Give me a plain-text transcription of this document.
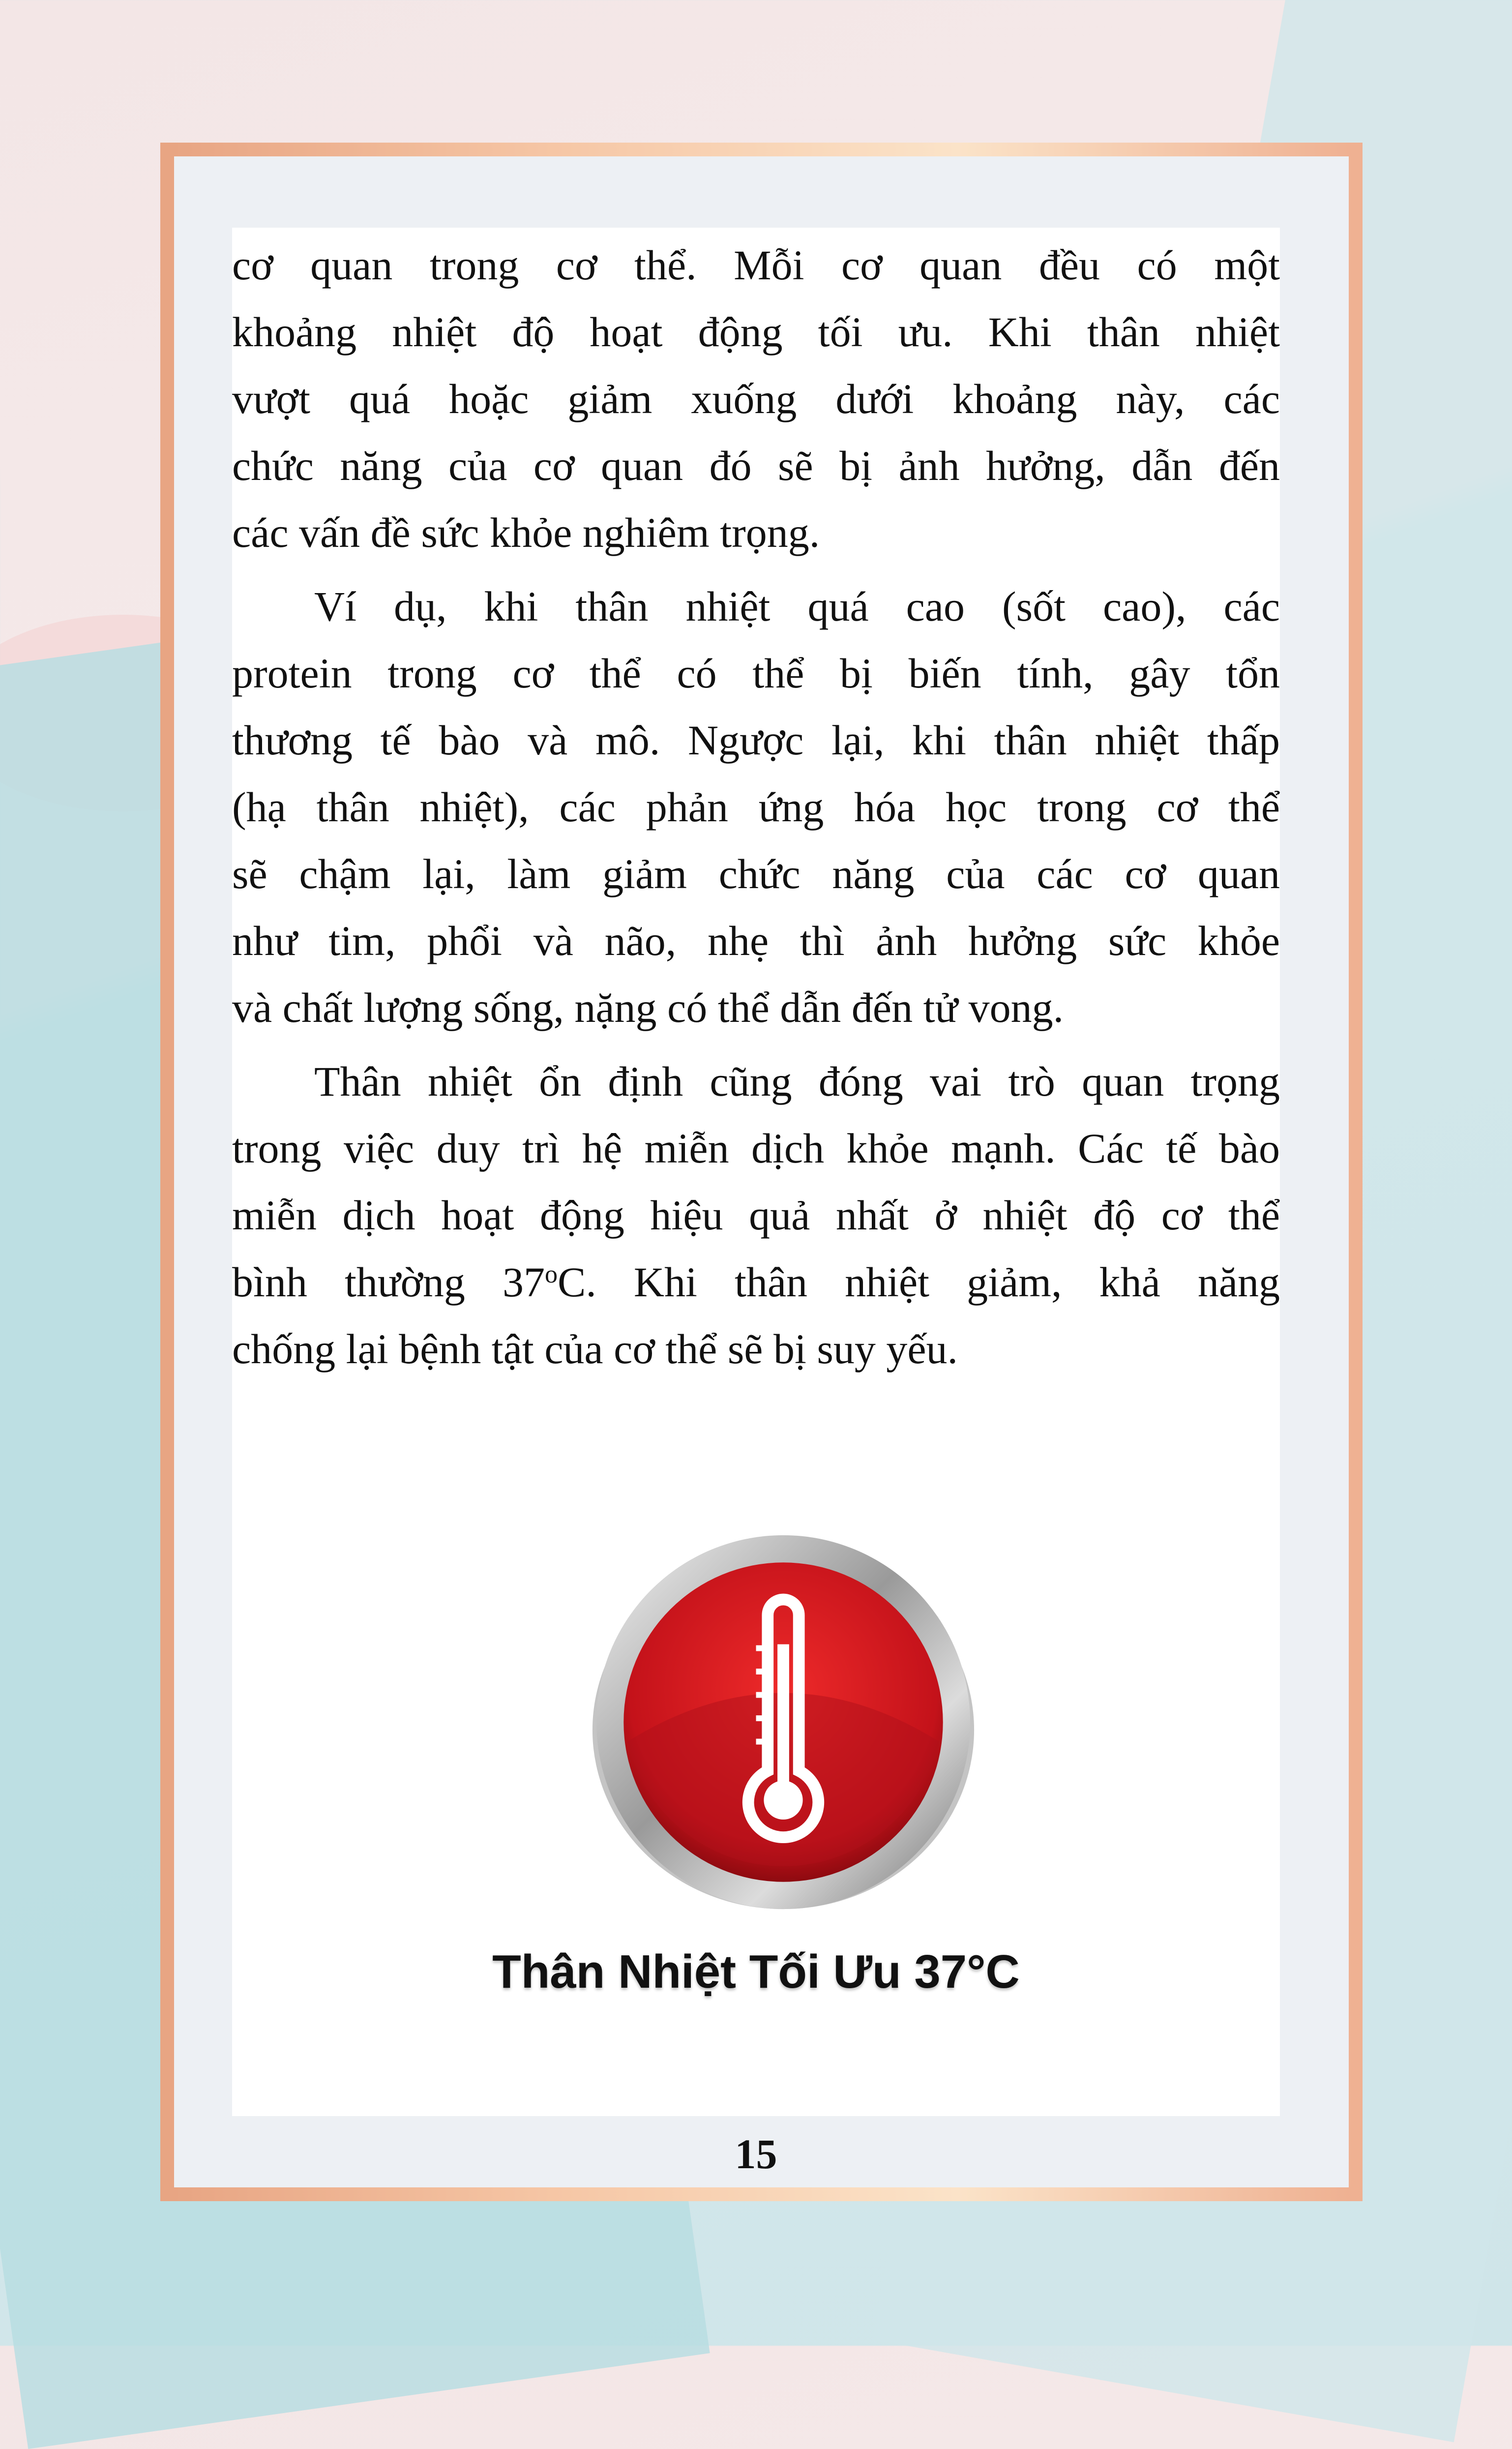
cơ quan trong cơ thể. Mỗi cơ quan đều có một
khoảng nhiệt độ hoạt động tối ưu. Khi thân nhiệt
vượt quá hoặc giảm xuống dưới khoảng này, các
chức năng của cơ quan đó sẽ bị ảnh hưởng, dẫn đến
các vấn đề sức khỏe nghiêm trọng.
Ví dụ, khi thân nhiệt quá cao (sốt cao), các
protein trong cơ thể có thể bị biến tính, gây tổn
thương tế bào và mô. Ngược lại, khi thân nhiệt thấp
(hạ thân nhiệt), các phản ứng hóa học trong cơ thể
sẽ chậm lại, làm giảm chức năng của các cơ quan
như tim, phổi và não, nhẹ thì ảnh hưởng sức khỏe
và chất lượng sống, nặng có thể dẫn đến tử vong.
Thân nhiệt ổn định cũng đóng vai trò quan trọng
trong việc duy trì hệ miễn dịch khỏe mạnh. Các tế bào
miễn dịch hoạt động hiệu quả nhất ở nhiệt độ cơ thể
bình thường 37$^o$C. Khi thân nhiệt giảm, khả năng
chống lại bệnh tật của cơ thể sẽ bị suy yếu.
Thân Nhiệt Tối Ưu 37°C
15
